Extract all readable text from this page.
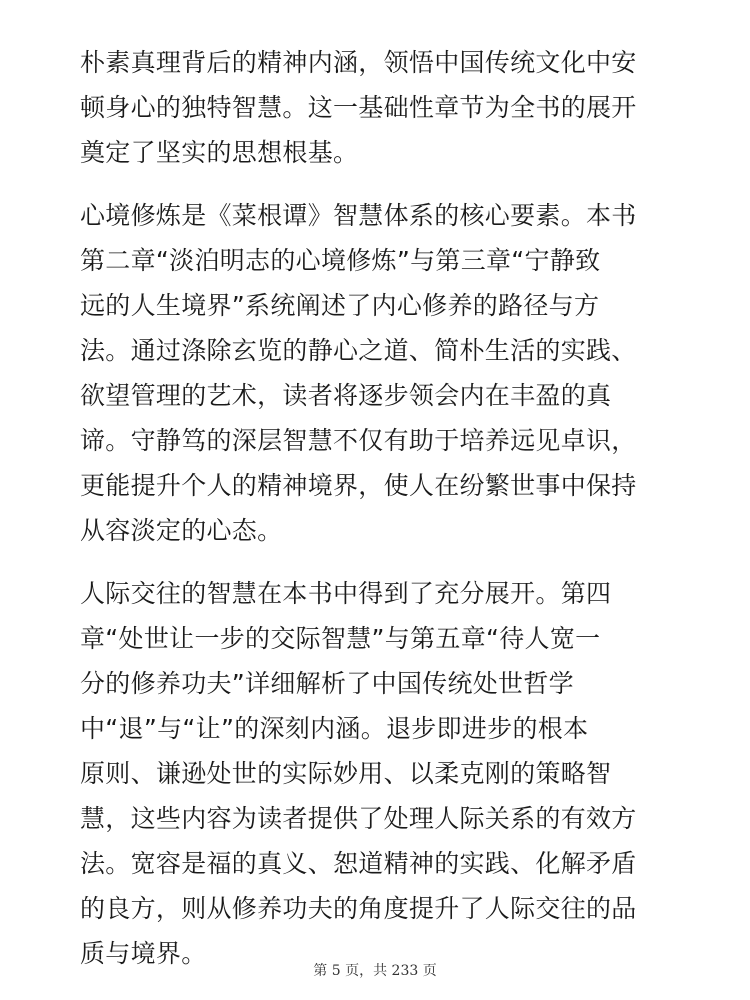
朴素真理背后的精神内涵，领悟中国传统文化中安
顿身心的独特智慧。这一基础性章节为全书的展开
奠定了坚实的思想根基。

心境修炼是《菜根谭》智慧体系的核心要素。本书
第二章“淡泊明志的心境修炼”与第三章“宁静致
远的人生境界”系统阐述了内心修养的路径与方
法。通过涤除玄览的静心之道、简朴生活的实践、
欲望管理的艺术，读者将逐步领会内在丰盈的真
谛。守静笃的深层智慧不仅有助于培养远见卓识，
更能提升个人的精神境界，使人在纷繁世事中保持
从容淡定的心态。

人际交往的智慧在本书中得到了充分展开。第四
章“处世让一步的交际智慧”与第五章“待人宽一
分的修养功夫”详细解析了中国传统处世哲学
中“退”与“让”的深刻内涵。退步即进步的根本
原则、谦逊处世的实际妙用、以柔克刚的策略智
慧，这些内容为读者提供了处理人际关系的有效方
法。宽容是福的真义、恕道精神的实践、化解矛盾
的良方，则从修养功夫的角度提升了人际交往的品
质与境界。

第 5 页，共 233 页
